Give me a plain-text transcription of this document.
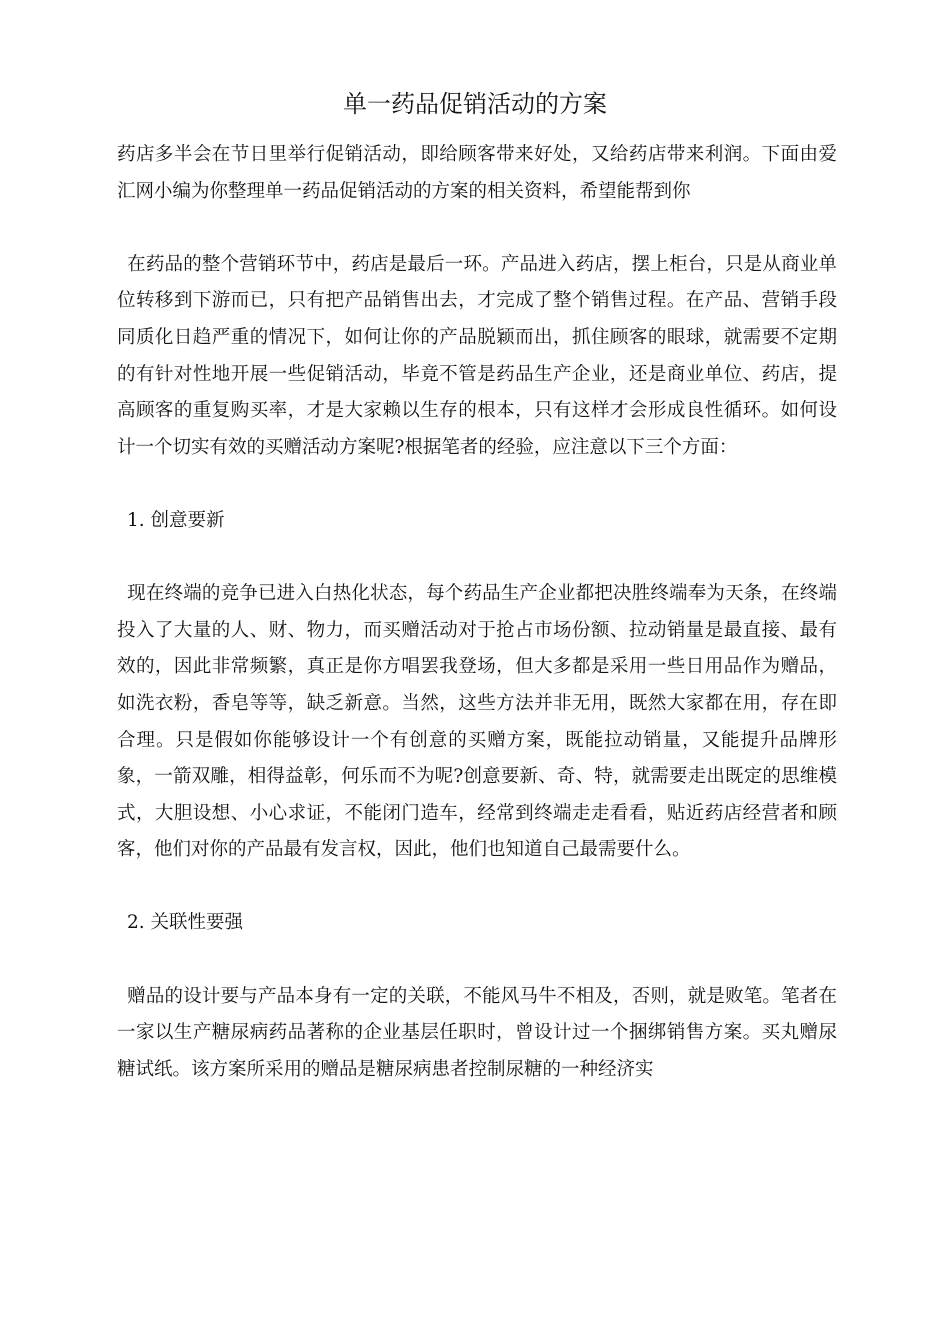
单一药品促销活动的方案

药店多半会在节日里举行促销活动，即给顾客带来好处，又给药店带来利润。下面由爱汇网小编为你整理单一药品促销活动的方案的相关资料，希望能帮到你

在药品的整个营销环节中，药店是最后一环。产品进入药店，摆上柜台，只是从商业单位转移到下游而已，只有把产品销售出去，才完成了整个销售过程。在产品、营销手段同质化日趋严重的情况下，如何让你的产品脱颖而出，抓住顾客的眼球，就需要不定期的有针对性地开展一些促销活动，毕竟不管是药品生产企业，还是商业单位、药店，提高顾客的重复购买率，才是大家赖以生存的根本，只有这样才会形成良性循环。如何设计一个切实有效的买赠活动方案呢?根据笔者的经验，应注意以下三个方面：

1. 创意要新

现在终端的竞争已进入白热化状态，每个药品生产企业都把决胜终端奉为天条，在终端投入了大量的人、财、物力，而买赠活动对于抢占市场份额、拉动销量是最直接、最有效的，因此非常频繁，真正是你方唱罢我登场，但大多都是采用一些日用品作为赠品，如洗衣粉，香皂等等，缺乏新意。当然，这些方法并非无用，既然大家都在用，存在即合理。只是假如你能够设计一个有创意的买赠方案，既能拉动销量，又能提升品牌形象，一箭双雕，相得益彰，何乐而不为呢?创意要新、奇、特，就需要走出既定的思维模式，大胆设想、小心求证，不能闭门造车，经常到终端走走看看，贴近药店经营者和顾客，他们对你的产品最有发言权，因此，他们也知道自己最需要什么。

2. 关联性要强

赠品的设计要与产品本身有一定的关联，不能风马牛不相及，否则，就是败笔。笔者在一家以生产糖尿病药品著称的企业基层任职时，曾设计过一个捆绑销售方案。买丸赠尿糖试纸。该方案所采用的赠品是糖尿病患者控制尿糖的一种经济实
